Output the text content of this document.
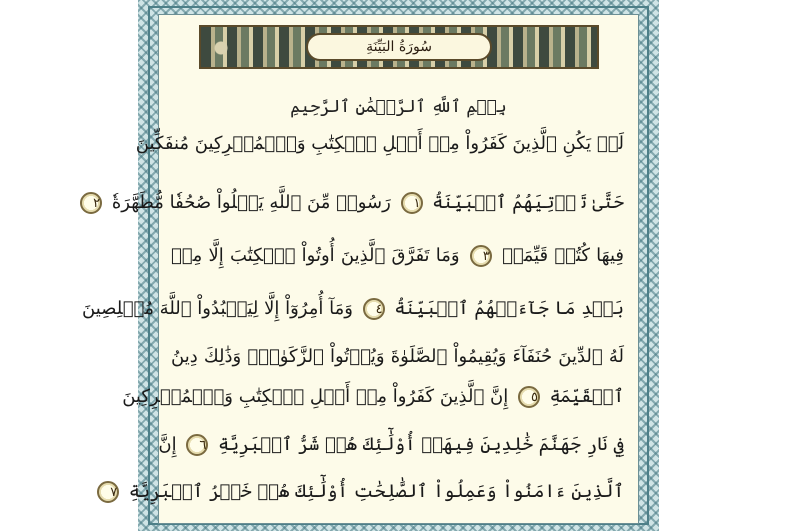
سُورَةُ البَيِّنَةِ
بِسۡمِ ٱللَّهِ ٱلرَّحۡمَٰنِ ٱلرَّحِيمِ
لَمۡ يَكُنِ ٱلَّذِينَ كَفَرُواْ مِنۡ أَهۡلِ ٱلۡكِتَٰبِ وَٱلۡمُشۡرِكِينَ مُنفَكِّينَ
حَتَّىٰ تَأۡتِيَهُمُ ٱلۡبَيِّنَةُ ١ رَسُولٞ مِّنَ ٱللَّهِ يَتۡلُواْ صُحُفٗا مُّطَهَّرَةٗ ٢
فِيهَا كُتُبٞ قَيِّمَةٞ ٣ وَمَا تَفَرَّقَ ٱلَّذِينَ أُوتُواْ ٱلۡكِتَٰبَ إِلَّا مِنۢ
بَعۡدِ مَا جَآءَتۡهُمُ ٱلۡبَيِّنَةُ ٤ وَمَآ أُمِرُوٓاْ إِلَّا لِيَعۡبُدُواْ ٱللَّهَ مُخۡلِصِينَ
لَهُ ٱلدِّينَ حُنَفَآءَ وَيُقِيمُواْ ٱلصَّلَوٰةَ وَيُؤۡتُواْ ٱلزَّكَوٰةَۚ وَذَٰلِكَ دِينُ
ٱلۡقَيِّمَةِ ٥ إِنَّ ٱلَّذِينَ كَفَرُواْ مِنۡ أَهۡلِ ٱلۡكِتَٰبِ وَٱلۡمُشۡرِكِينَ
فِي نَارِ جَهَنَّمَ خَٰلِدِينَ فِيهَآۚ أُوْلَٰٓئِكَ هُمۡ شَرُّ ٱلۡبَرِيَّةِ ٦ إِنَّ
ٱلَّذِينَ ءَامَنُواْ وَعَمِلُواْ ٱلصَّٰلِحَٰتِ أُوْلَٰٓئِكَ هُمۡ خَيۡرُ ٱلۡبَرِيَّةِ ٧
